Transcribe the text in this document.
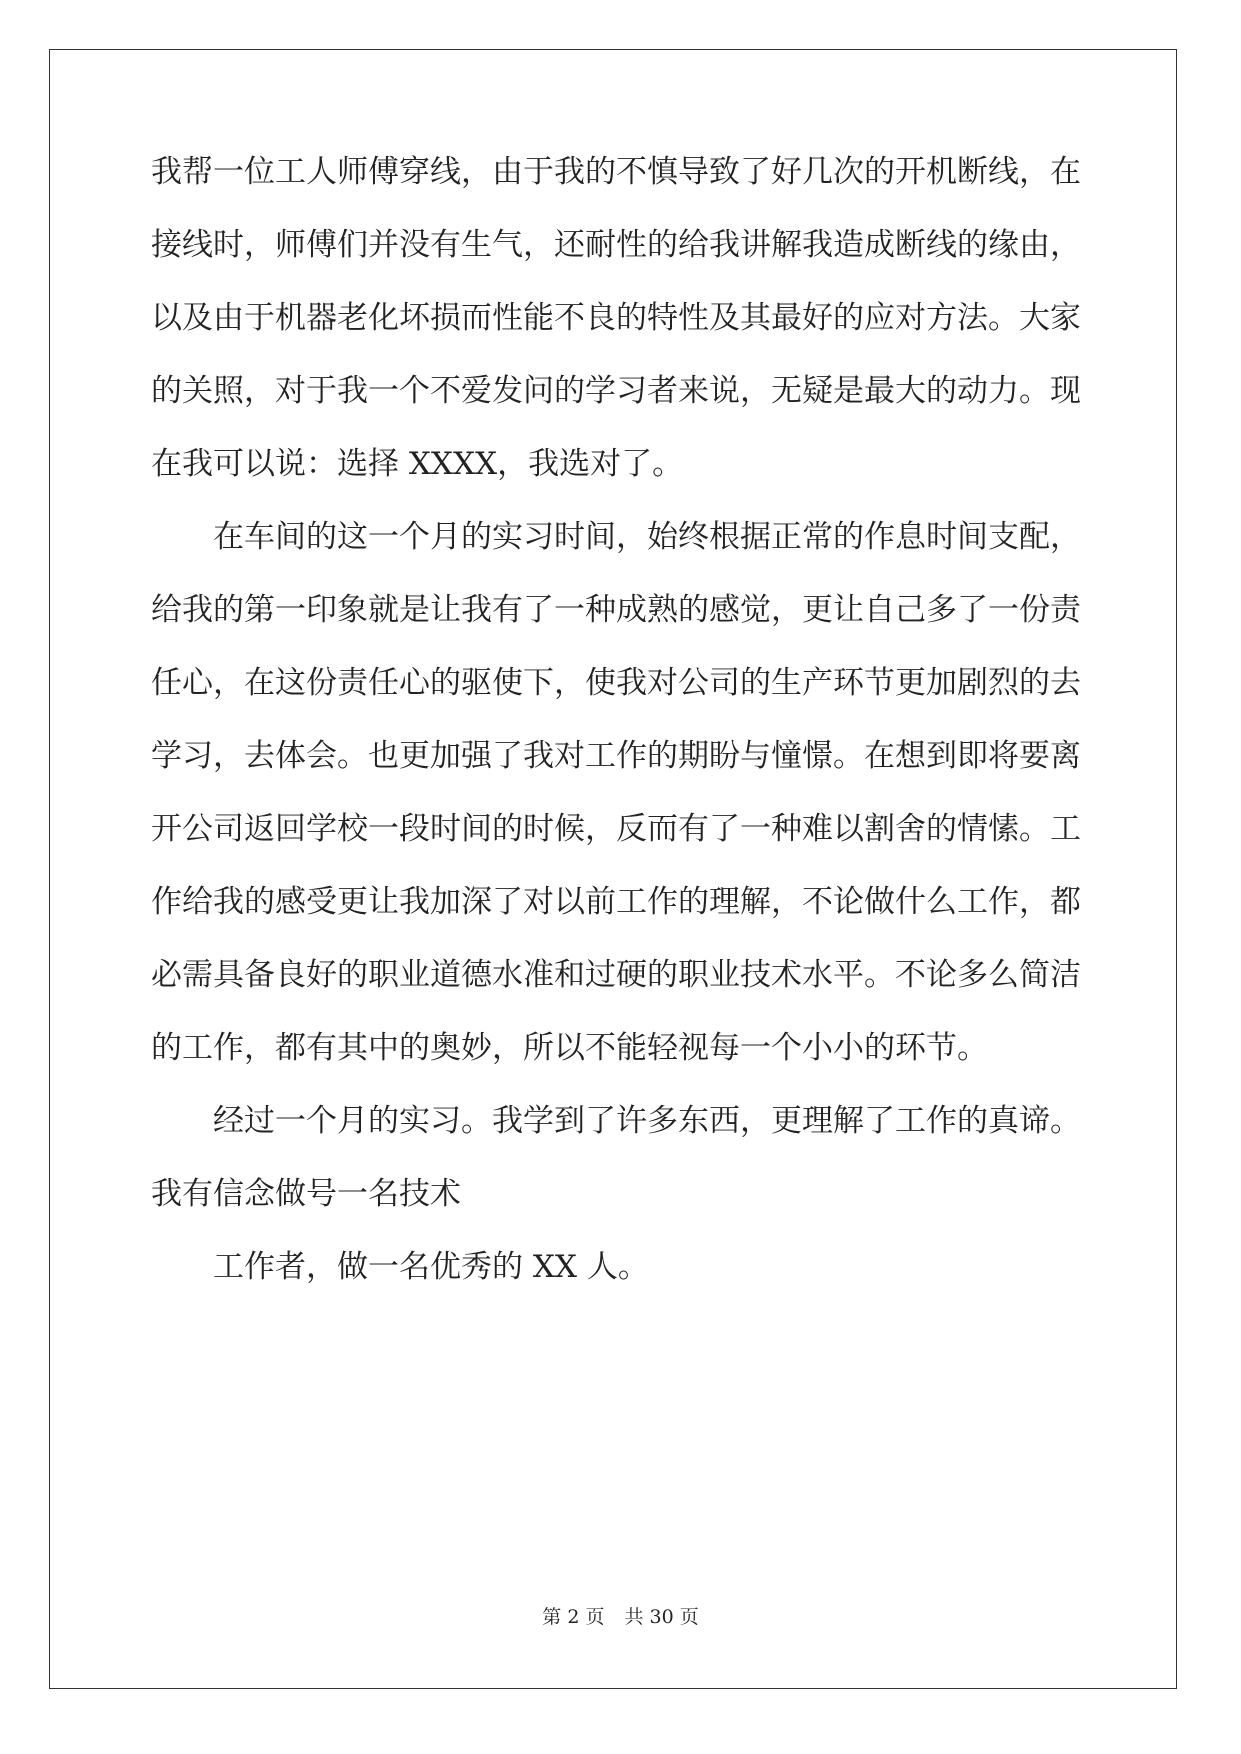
我帮一位工人师傅穿线，由于我的不慎导致了好几次的开机断线，在
接线时，师傅们并没有生气，还耐性的给我讲解我造成断线的缘由，
以及由于机器老化坏损而性能不良的特性及其最好的应对方法。大家
的关照，对于我一个不爱发问的学习者来说，无疑是最大的动力。现
在我可以说：选择 XXXX，我选对了。
在车间的这一个月的实习时间，始终根据正常的作息时间支配，
给我的第一印象就是让我有了一种成熟的感觉，更让自己多了一份责
任心，在这份责任心的驱使下，使我对公司的生产环节更加剧烈的去
学习，去体会。也更加强了我对工作的期盼与憧憬。在想到即将要离
开公司返回学校一段时间的时候，反而有了一种难以割舍的情愫。工
作给我的感受更让我加深了对以前工作的理解，不论做什么工作，都
必需具备良好的职业道德水准和过硬的职业技术水平。不论多么简洁
的工作，都有其中的奥妙，所以不能轻视每一个小小的环节。
经过一个月的实习。我学到了许多东西，更理解了工作的真谛。
我有信念做号一名技术
工作者，做一名优秀的 XX 人。
第 2 页 共 30 页
